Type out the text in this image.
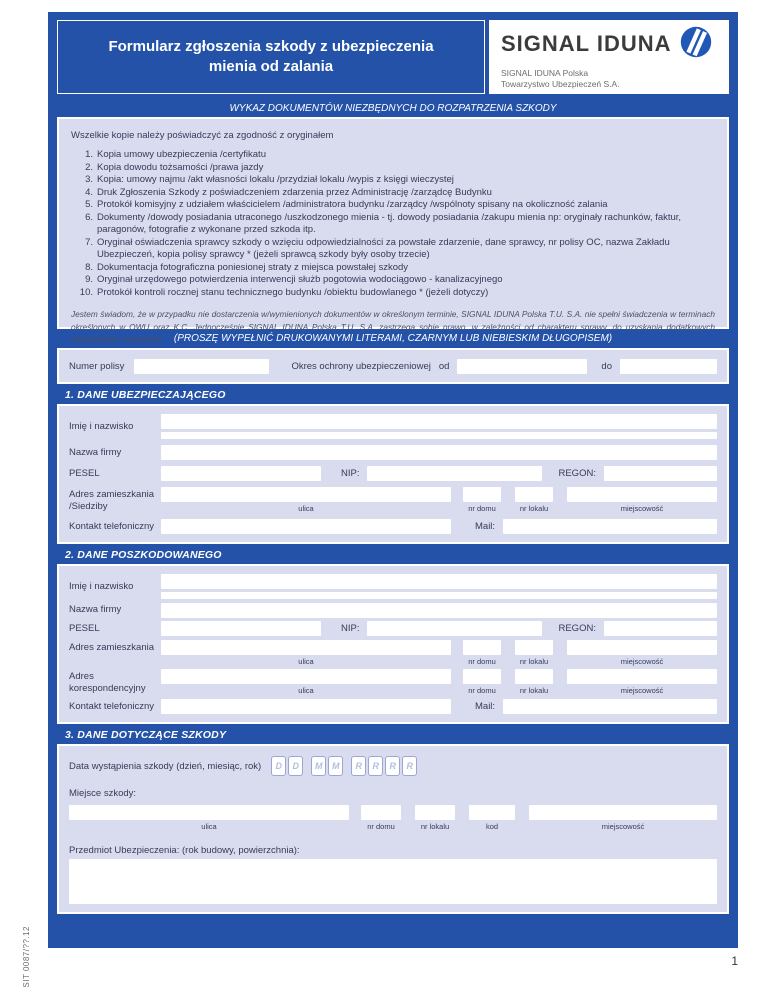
Formularz zgłoszenia szkody z ubezpieczenia
mienia od zalania
SIGNAL IDUNA
SIGNAL IDUNA Polska
Towarzystwo Ubezpieczeń S.A.
WYKAZ DOKUMENTÓW NIEZBĘDNYCH DO ROZPATRZENIA SZKODY
Wszelkie kopie należy poświadczyć za zgodność z oryginałem
Kopia umowy ubezpieczenia /certyfikatu
Kopia dowodu tożsamości /prawa jazdy
Kopia: umowy najmu /akt własności lokalu /przydział lokalu /wypis z księgi wieczystej
Druk Zgłoszenia Szkody z poświadczeniem zdarzenia przez Administrację /zarządcę Budynku
Protokół komisyjny z udziałem właścicielem /administratora budynku /zarządcy /wspólnoty spisany na okoliczność zalania
Dokumenty /dowody posiadania utraconego /uszkodzonego mienia - tj. dowody posiadania /zakupu mienia np: oryginały rachunków, faktur, paragonów, fotografie z wykonane przed szkoda itp.
Oryginał oświadczenia sprawcy szkody o wzięciu odpowiedzialności za powstałe zdarzenie, dane sprawcy, nr polisy OC, nazwa Zakładu Ubezpieczeń, kopia polisy sprawcy * (jeżeli sprawcą szkody były osoby trzecie)
Dokumentacja fotograficzna poniesionej straty z miejsca powstałej szkody
Oryginał urzędowego potwierdzenia interwencji służb pogotowia wodociągowo - kanalizacyjnego
Protokół kontroli rocznej stanu technicznego budynku /obiektu budowlanego * (jeżeli dotyczy)
Jestem świadom, że w przypadku nie dostarczenia w/wymienionych dokumentów w określonym terminie, SIGNAL IDUNA Polska T.U. S.A. nie spełni świadczenia w terminach określonych w OWU oraz K.C. Jednocześnie SIGNAL IDUNA Polska T.U. S.A. zastrzega sobie prawo, w zależności od charakteru sprawy, do uzyskania dodatkowych dokumentów i wyjaśnień.	(PROSZĘ WYPEŁNIĆ DRUKOWANYMI LITERAMI, CZARNYM LUB NIEBIESKIM DŁUGOPISEM)
Numer polisy	Okres ochrony ubezpieczeniowej od	do
1. DANE UBEZPIECZAJĄCEGO
Imię i nazwisko
Nazwa firmy
PESEL	NIP:	REGON:
Adres zamieszkania
/Siedziby	ulica	nr domu	nr lokalu	miejscowość
Kontakt telefoniczny	Mail:
2. DANE POSZKODOWANEGO
Imię i nazwisko
Nazwa firmy
PESEL	NIP:	REGON:
Adres zamieszkania
ulica	nr domu	nr lokalu	miejscowość
Adres
korespondencyjny	ulica	nr domu	nr lokalu	miejscowość
Kontakt telefoniczny	Mail:
3. DANE DOTYCZĄCE SZKODY
Data wystąpienia szkody (dzień, miesiąc, rok)	D	D	M	M	R	R	R	R
Miejsce szkody:
ulica	nr domu	nr lokalu	kod	miejscowość
Przedmiot Ubezpieczenia: (rok budowy, powierzchnia):
SIT 0087/??.12	1
